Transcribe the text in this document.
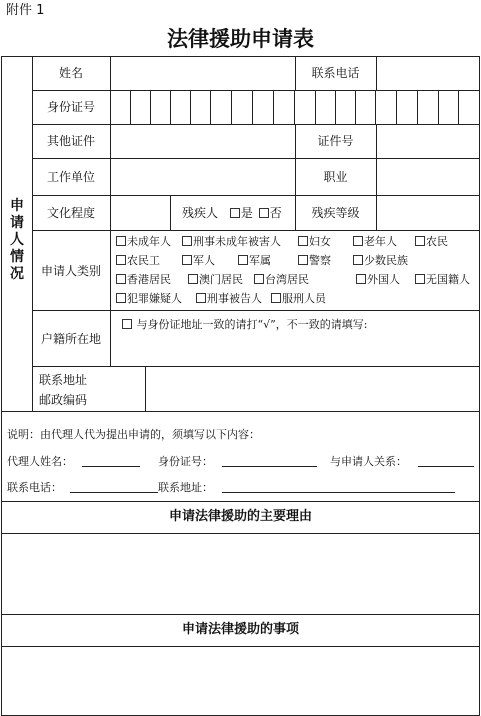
附件 1
法律援助申请表
申请人情况
姓名	联系电话
身份证号
其他证件	证件号
工作单位	职业
文化程度	残疾人 是 否	残疾等级
申请人类别
未成年人	刑事未成年被害人	妇女	老年人	农民
农民工	军人	军属	警察	少数民族
香港居民	澳门居民	台湾居民	外国人	无国籍人
犯罪嫌疑人	刑事被告人	服刑人员
户籍所在地
与身份证地址一致的请打“√”，不一致的请填写:
联系地址
邮政编码
说明：由代理人代为提出申请的，须填写以下内容：
代理人姓名：	身份证号：	与申请人关系：
联系电话：	联系地址：
申请法律援助的主要理由
申请法律援助的事项
